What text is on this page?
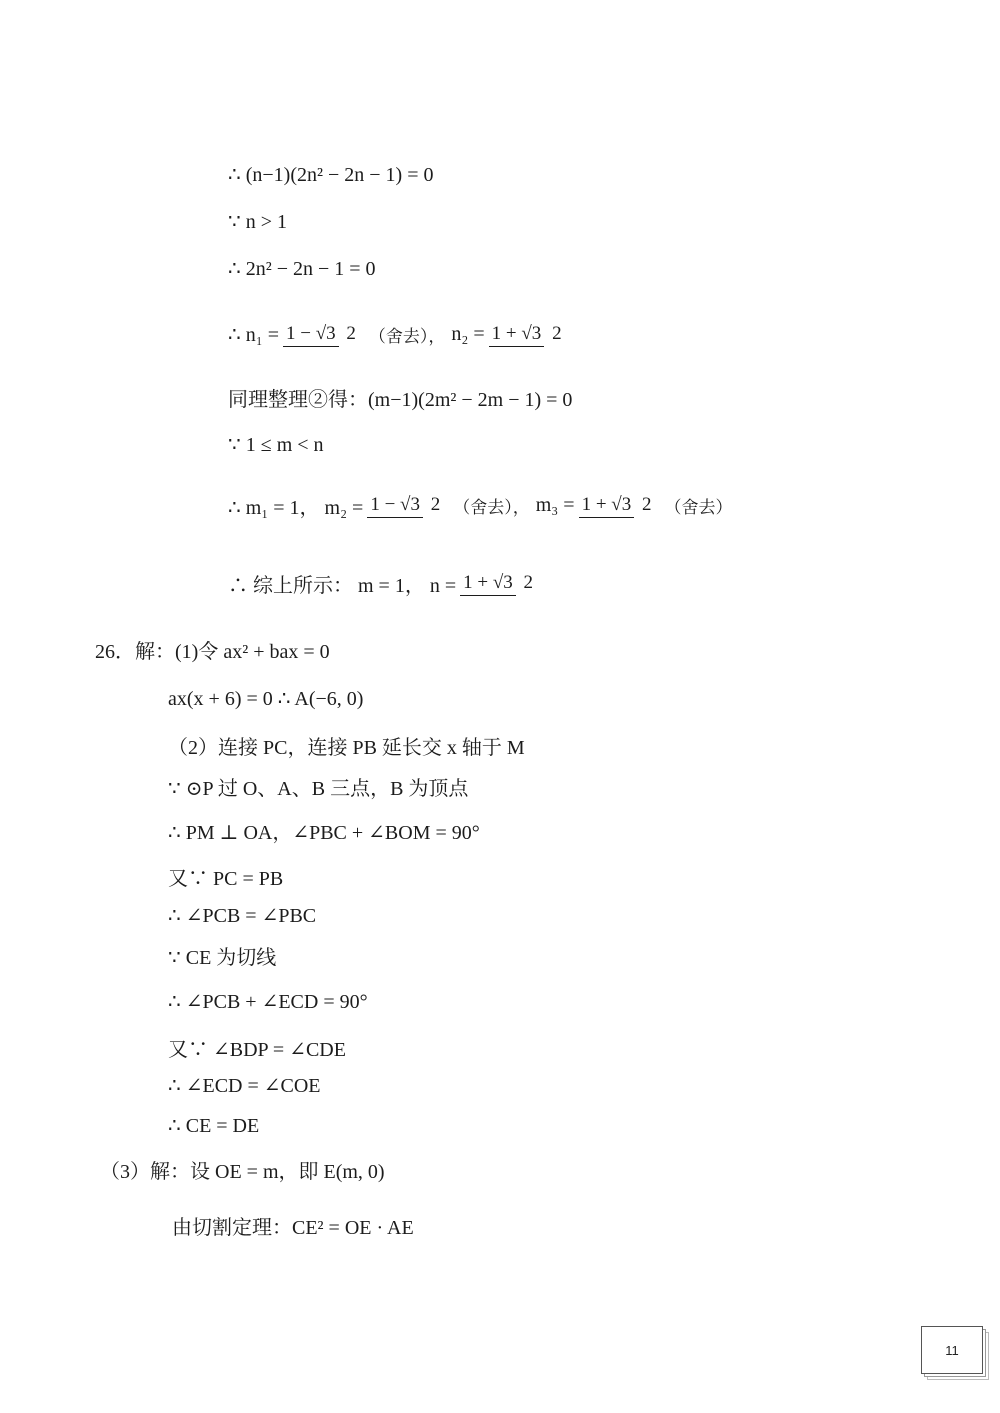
∴ (n−1)(2n² − 2n − 1) = 0
∵ n > 1
∴ 2n² − 2n − 1 = 0
∴ n₁ = 1 − √3 2 （舍去）， n₂ = 1 + √3 2
同理整理②得：(m−1)(2m² − 2m − 1) = 0
∵ 1 ≤ m < n
∴ m₁ = 1， m₂ = 1 − √3 2 （舍去）， m₃ = 1 + √3 2 （舍去）
∴ 综上所示： m = 1， n = 1 + √3 2
26．解：(1)令 ax² + bax = 0
ax(x + 6) = 0 ∴ A(−6, 0)
（2）连接 PC，连接 PB 延长交 x 轴于 M
∵ ⊙P 过 O、A、B 三点，B 为顶点
∴ PM ⊥ OA，∠PBC + ∠BOM = 90°
又∵ PC = PB
∴ ∠PCB = ∠PBC
∵ CE 为切线
∴ ∠PCB + ∠ECD = 90°
又∵ ∠BDP = ∠CDE
∴ ∠ECD = ∠COE
∴ CE = DE
（3）解：设 OE = m，即 E(m, 0)
由切割定理：CE² = OE · AE
11
